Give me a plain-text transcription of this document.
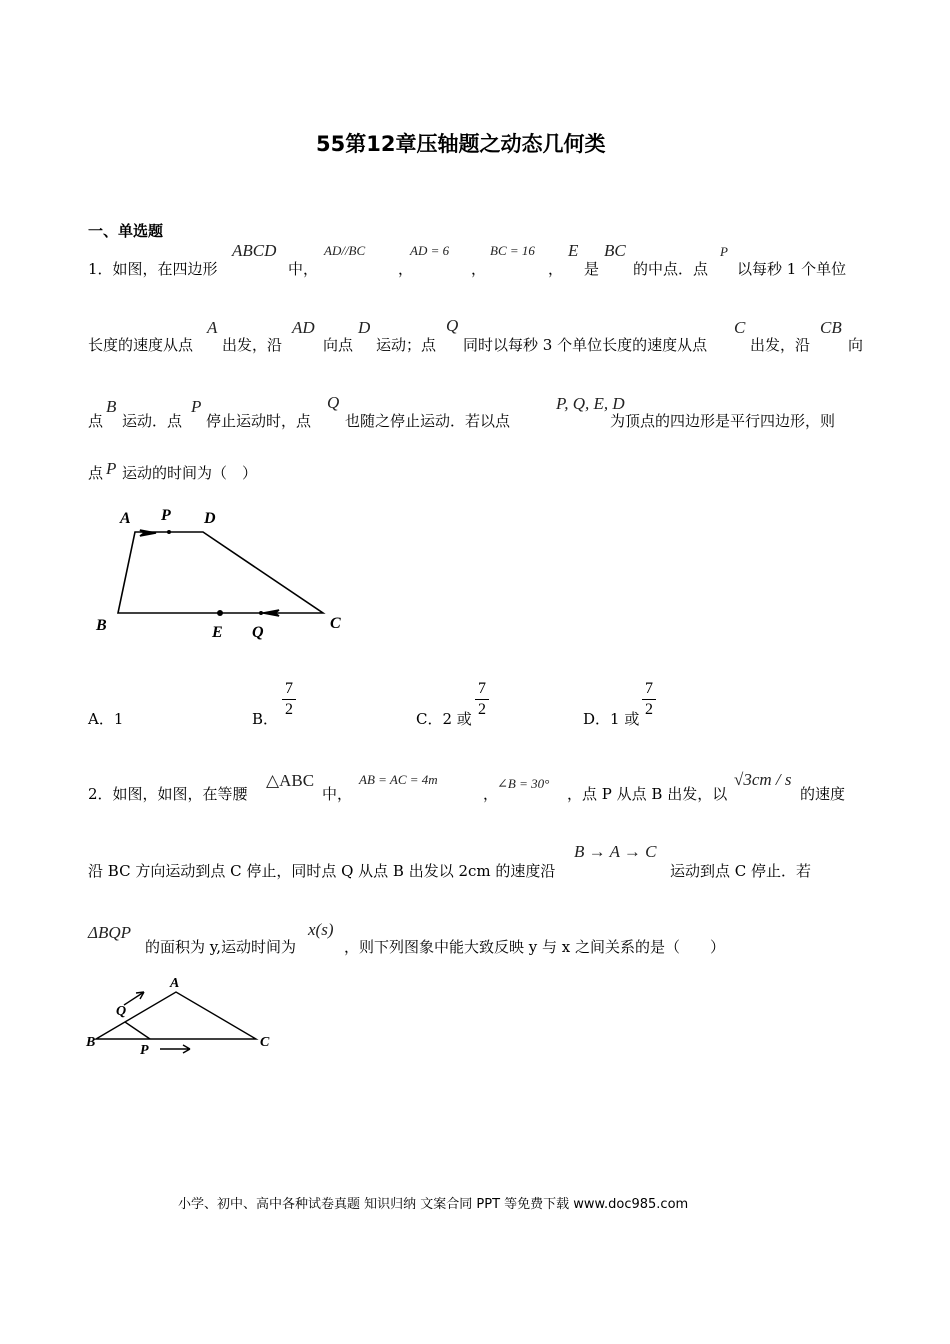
55第12章压轴题之动态几何类
一、单选题
1．如图，在四边形
ABCD
中，
AD//BC
，
AD = 6
，
BC = 16
，
E
是
BC
的中点．点
P
以每秒 1 个单位
长度的速度从点
A
出发，沿
AD
向点
D
运动；点
Q
同时以每秒 3 个单位长度的速度从点
C
出发，沿
CB
向
点
B
运动．点
P
停止运动时，点
Q
也随之停止运动．若以点
P, Q, E, D
为顶点的四边形是平行四边形，则
点 P 运动的时间为（　）
A P D
B	E Q
C
A．1	B．
7
2
C．2 或
7
2
D．1 或
7
2
2．如图，如图，在等腰
△ABC
中，
AB = AC = 4m
，
∠B = 30°
，点 P 从点 B 出发，以
√3cm / s
的速度
沿 BC 方向运动到点 C 停止，同时点 Q 从点 B 出发以 2cm 的速度沿
B → A → C
运动到点 C 停止．若
ΔBQP
的面积为 y,运动时间为
x(s)
，则下列图象中能大致反映 y 与 x 之间关系的是（　　）
A
Q
B
P
C
小学、初中、高中各种试卷真题 知识归纳 文案合同 PPT 等免费下载 www.doc985.com
